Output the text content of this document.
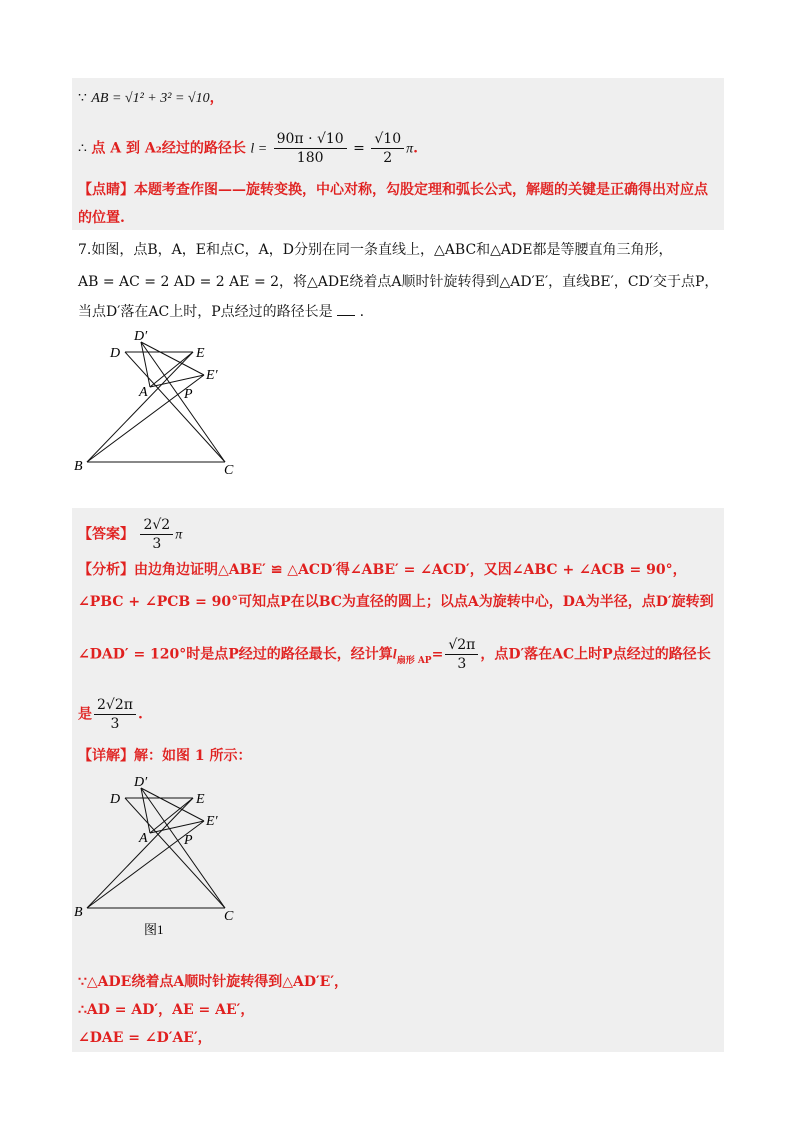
∵ AB = √1² + 3² = √10，
∴ 点 A 到 A₂经过的路径长 $l = \frac{90\pi \cdot √10}{180} = \frac{√10}{2} \pi$.
【点睛】本题考查作图——旋转变换，中心对称，勾股定理和弧长公式，解题的关键是正确得出对应点
的位置.
7.如图，点B，A，E和点C，A，D分别在同一条直线上，△ABC和△ADE都是等腰直角三角形，
AB = AC = 2 AD = 2 AE = 2，将△ADE绕着点A顺时针旋转得到△AD′E′，直线BE′，CD′交于点P，
当点D′落在AC上时，P点经过的路径长是 .
D′
D	E
E′
A	P
B	C
【答案】 $\frac{2√2}{3}$ π
【分析】由边角边证明△ABE′ ≌ △ACD′得∠ABE′ = ∠ACD′，又因∠ABC + ∠ACB = 90°，
∠PBC + ∠PCB = 90°可知点P在以BC为直径的圆上；以点A为旋转中心，DA为半径，点D′旋转到
∠DAD′ = 120°时是点P经过的路径最长，经计算$l_{扇形 AP}= \frac{√2\pi}{3}$ ，点D′落在AC上时P点经过的路径长
是 $\frac{2√2\pi}{3}$ .
【详解】解：如图 1 所示：
D′
D	E
E′
A	P
B	C
图1
∵△ADE绕着点A顺时针旋转得到△AD′E′，
∴AD = AD′，AE = AE′，
∠DAE = ∠D′AE′，
